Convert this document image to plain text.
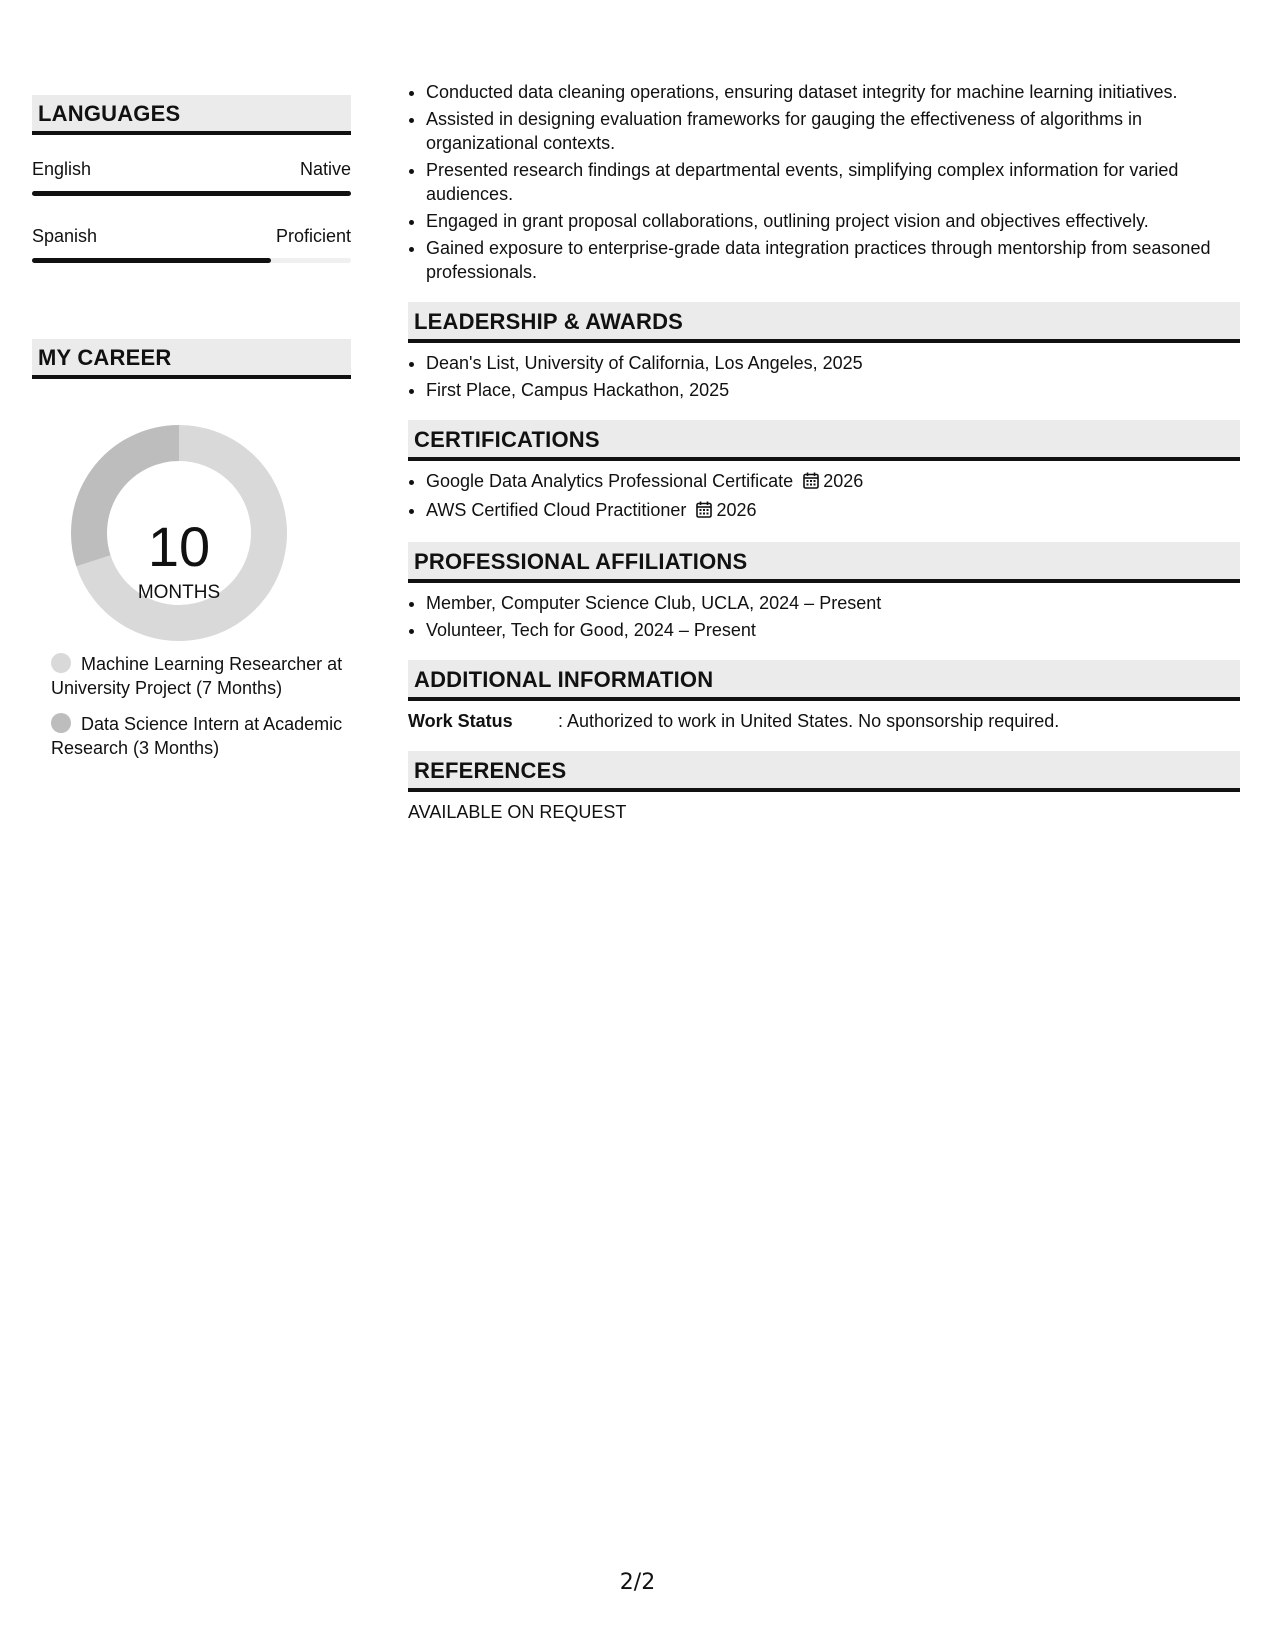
LANGUAGES
English	Native
Spanish	Proficient
MY CAREER
10
MONTHS
Machine Learning Researcher at University Project (7 Months)
Data Science Intern at Academic Research (3 Months)
• Conducted data cleaning operations, ensuring dataset integrity for machine learning initiatives.
• Assisted in designing evaluation frameworks for gauging the effectiveness of algorithms in organizational contexts.
• Presented research findings at departmental events, simplifying complex information for varied audiences.
• Engaged in grant proposal collaborations, outlining project vision and objectives effectively.
• Gained exposure to enterprise-grade data integration practices through mentorship from seasoned professionals.
LEADERSHIP & AWARDS
• Dean's List, University of California, Los Angeles, 2025
• First Place, Campus Hackathon, 2025
CERTIFICATIONS
• Google Data Analytics Professional Certificate 2026
• AWS Certified Cloud Practitioner 2026
PROFESSIONAL AFFILIATIONS
• Member, Computer Science Club, UCLA, 2024 – Present
• Volunteer, Tech for Good, 2024 – Present
ADDITIONAL INFORMATION
Work Status	: Authorized to work in United States. No sponsorship required.
REFERENCES
AVAILABLE ON REQUEST
2/2
